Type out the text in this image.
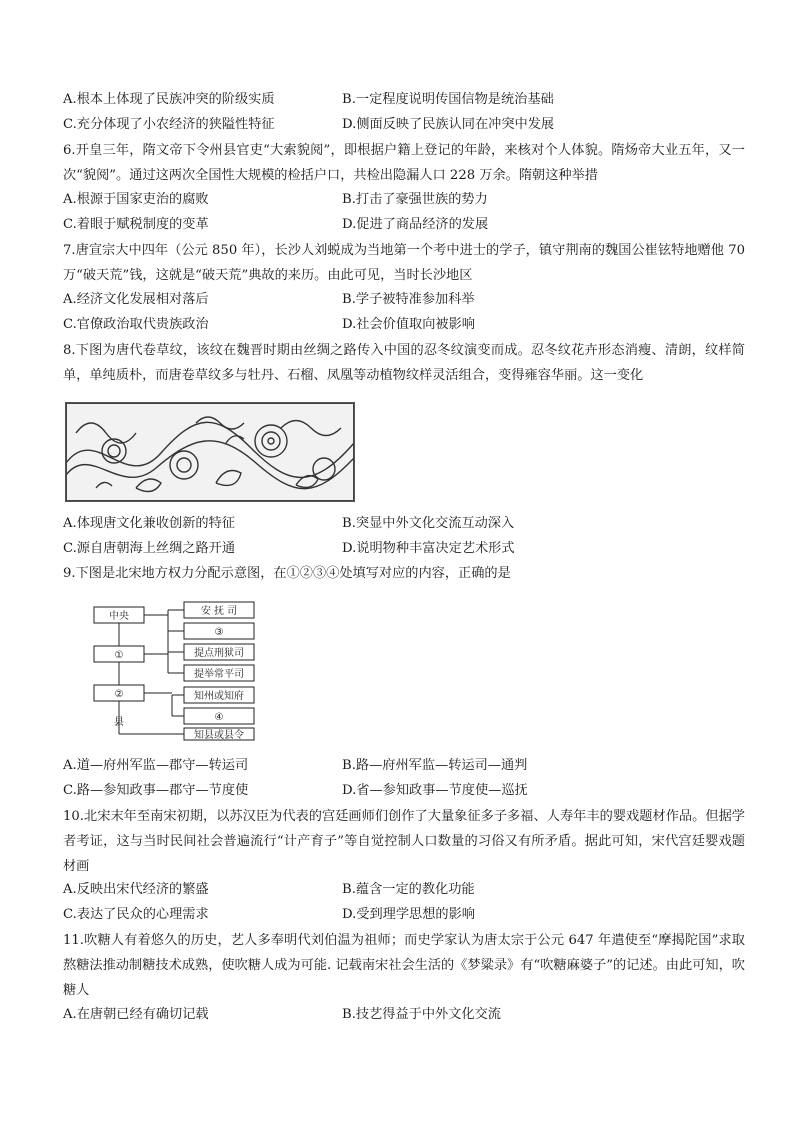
A.根本上体现了民族冲突的阶级实质	B.一定程度说明传国信物是统治基础
C.充分体现了小农经济的狭隘性特征	D.侧面反映了民族认同在冲突中发展
6.开皇三年，隋文帝下令州县官吏“大索貌阅”，即根据户籍上登记的年龄，来核对个人体貌。隋炀帝大业五年，又一次“貌阅”。通过这两次全国性大规模的检括户口，共检出隐漏人口 228 万余。隋朝这种举措
A.根源于国家吏治的腐败	B.打击了豪强世族的势力
C.着眼于赋税制度的变革	D.促进了商品经济的发展
7.唐宣宗大中四年（公元 850 年），长沙人刘蜕成为当地第一个考中进士的学子，镇守荆南的魏国公崔铉特地赠他 70 万“破天荒”钱，这就是“破天荒”典故的来历。由此可见，当时长沙地区
A.经济文化发展相对落后	B.学子被特准参加科举
C.官僚政治取代贵族政治	D.社会价值取向被影响
8.下图为唐代卷草纹，该纹在魏晋时期由丝绸之路传入中国的忍冬纹演变而成。忍冬纹花卉形态消瘦、清朗，纹样简单，单纯质朴，而唐卷草纹多与牡丹、石榴、凤凰等动植物纹样灵活组合，变得雍容华丽。这一变化
A.体现唐文化兼收创新的特征	B.突显中外文化交流互动深入
C.源自唐朝海上丝绸之路开通	D.说明物种丰富决定艺术形式
9.下图是北宋地方权力分配示意图，在①②③④处填写对应的内容，正确的是
中央
①
②
县
安 抚 司
③
提点刑狱司
提举常平司
知州或知府
④
知县或县令
A.道—府州军监—郡守—转运司	B.路—府州军监—转运司—通判
C.路—参知政事—郡守—节度使	D.省—参知政事—节度使—巡抚
10.北宋末年至南宋初期，以苏汉臣为代表的宫廷画师们创作了大量象征多子多福、人寿年丰的婴戏题材作品。但据学者考证，这与当时民间社会普遍流行“计产育子”等自觉控制人口数量的习俗又有所矛盾。据此可知，宋代宫廷婴戏题材画
A.反映出宋代经济的繁盛	B.蕴含一定的教化功能
C.表达了民众的心理需求	D.受到理学思想的影响
11.吹糖人有着悠久的历史，艺人多奉明代刘伯温为祖师；而史学家认为唐太宗于公元 647 年遣使至“摩揭陀国”求取熬糖法推动制糖技术成熟，使吹糖人成为可能. 记载南宋社会生活的《梦粱录》有“吹糖麻婆子”的记述。由此可知，吹糖人
A.在唐朝已经有确切记载	B.技艺得益于中外文化交流
